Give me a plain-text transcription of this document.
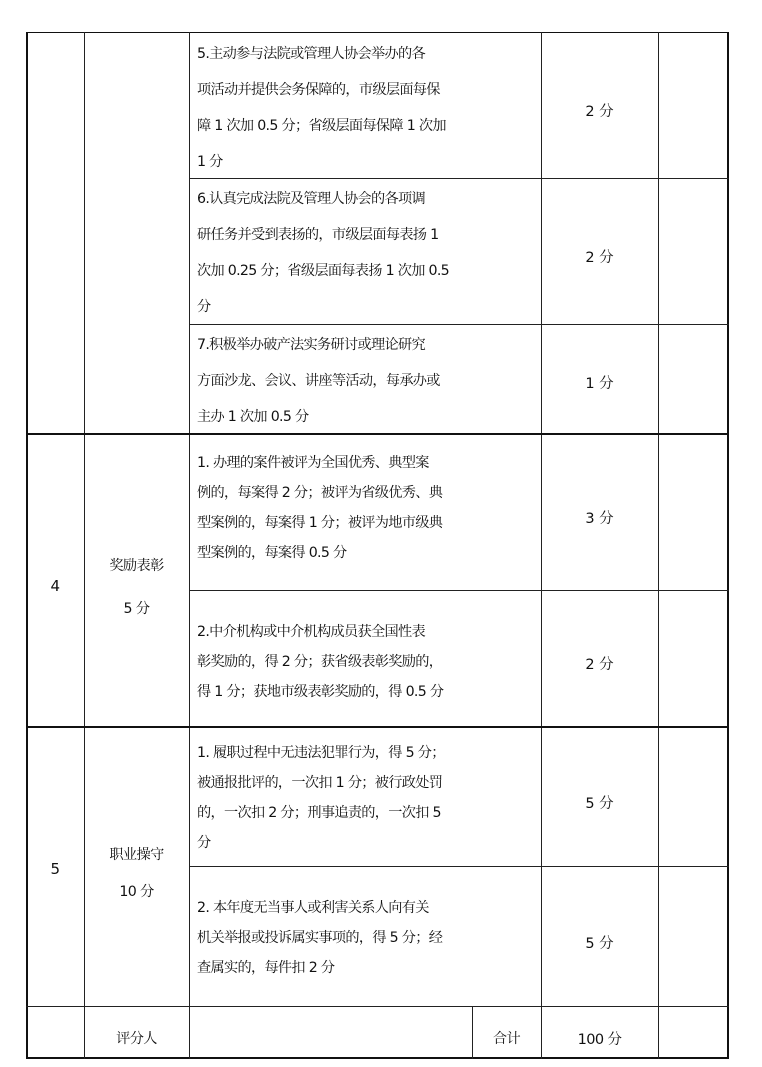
5.主动参与法院或管理人协会举办的各
项活动并提供会务保障的，市级层面每保
障 1 次加 0.5 分；省级层面每保障 1 次加
1 分
2 分
6.认真完成法院及管理人协会的各项调
研任务并受到表扬的，市级层面每表扬 1
次加 0.25 分；省级层面每表扬 1 次加 0.5
分
2 分
7.积极举办破产法实务研讨或理论研究
方面沙龙、会议、讲座等活动，每承办或
主办 1 次加 0.5 分
1 分
4
奖励表彰
5 分
1. 办理的案件被评为全国优秀、典型案
例的，每案得 2 分；被评为省级优秀、典
型案例的，每案得 1 分；被评为地市级典
型案例的，每案得 0.5 分
3 分
2.中介机构或中介机构成员获全国性表
彰奖励的，得 2 分；获省级表彰奖励的，
得 1 分；获地市级表彰奖励的，得 0.5 分
2 分
5
职业操守
10 分
1. 履职过程中无违法犯罪行为，得 5 分；
被通报批评的，一次扣 1 分；被行政处罚
的，一次扣 2 分；刑事追责的，一次扣 5
分
5 分
2. 本年度无当事人或利害关系人向有关
机关举报或投诉属实事项的，得 5 分；经
查属实的，每件扣 2 分
5 分
评分人	合计	100 分
